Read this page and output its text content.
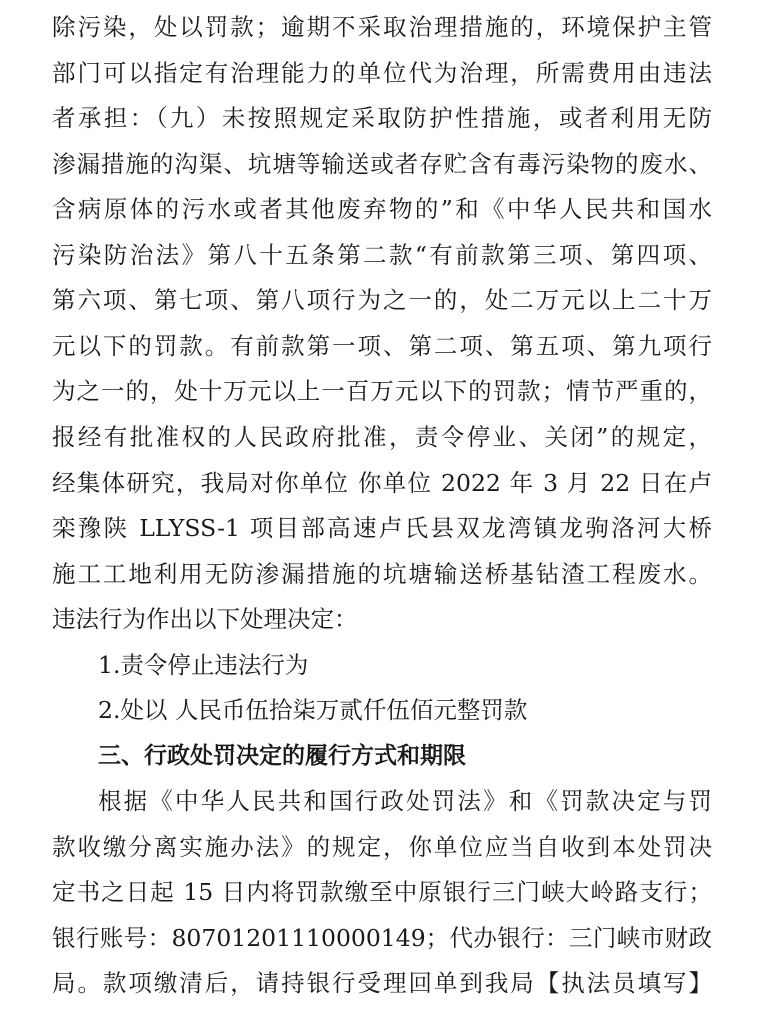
除污染，处以罚款；逾期不采取治理措施的，环境保护主管
部门可以指定有治理能力的单位代为治理，所需费用由违法
者承担：（九）未按照规定采取防护性措施，或者利用无防
渗漏措施的沟渠、坑塘等输送或者存贮含有毒污染物的废水、
含病原体的污水或者其他废弃物的”和《中华人民共和国水
污染防治法》第八十五条第二款“有前款第三项、第四项、
第六项、第七项、第八项行为之一的，处二万元以上二十万
元以下的罚款。有前款第一项、第二项、第五项、第九项行
为之一的，处十万元以上一百万元以下的罚款；情节严重的，
报经有批准权的人民政府批准，责令停业、关闭”的规定，
经集体研究，我局对你单位 你单位 2022 年 3 月 22 日在卢
栾豫陕 LLYSS-1 项目部高速卢氏县双龙湾镇龙驹洛河大桥
施工工地利用无防渗漏措施的坑塘输送桥基钻渣工程废水。
违法行为作出以下处理决定：
1.责令停止违法行为
2.处以 人民币伍拾柒万贰仟伍佰元整罚款
三、行政处罚决定的履行方式和期限
根据《中华人民共和国行政处罚法》和《罚款决定与罚
款收缴分离实施办法》的规定，你单位应当自收到本处罚决
定书之日起 15 日内将罚款缴至中原银行三门峡大岭路支行；
银行账号：80701201110000149；代办银行：三门峡市财政
局。款项缴清后，请持银行受理回单到我局【执法员填写】
